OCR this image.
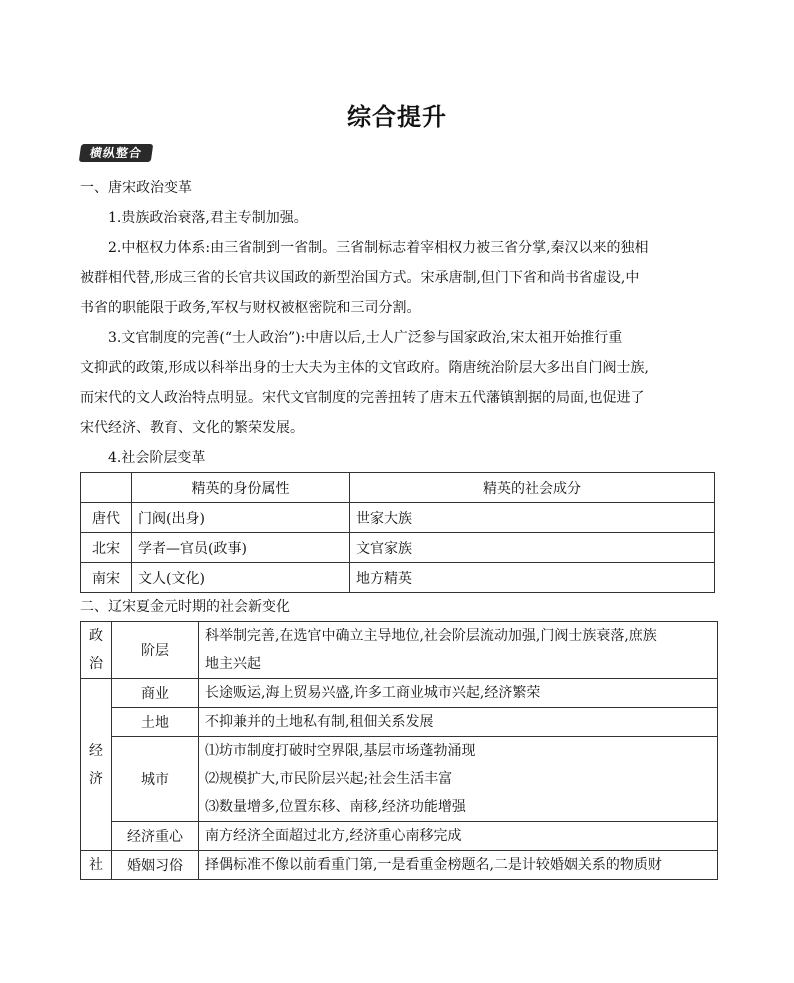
综合提升
横纵整合
一、唐宋政治变革
1.贵族政治衰落,君主专制加强。
2.中枢权力体系:由三省制到一省制。三省制标志着宰相权力被三省分掌,秦汉以来的独相
被群相代替,形成三省的长官共议国政的新型治国方式。宋承唐制,但门下省和尚书省虚设,中
书省的职能限于政务,军权与财权被枢密院和三司分割。
3.文官制度的完善(“士人政治”):中唐以后,士人广泛参与国家政治,宋太祖开始推行重
文抑武的政策,形成以科举出身的士大夫为主体的文官政府。隋唐统治阶层大多出自门阀士族,
而宋代的文人政治特点明显。宋代文官制度的完善扭转了唐末五代藩镇割据的局面,也促进了
宋代经济、教育、文化的繁荣发展。
4.社会阶层变革
	精英的身份属性	精英的社会成分
唐代	门阀(出身)	世家大族
北宋	学者—官员(政事)	文官家族
南宋	文人(文化)	地方精英
二、辽宋夏金元时期的社会新变化
政治	阶层	科举制完善,在选官中确立主导地位,社会阶层流动加强,门阀士族衰落,庶族
地主兴起

经济	商业	长途贩运,海上贸易兴盛,许多工商业城市兴起,经济繁荣
	土地	不抑兼并的土地私有制,租佃关系发展
	城市	⑴坊市制度打破时空界限,基层市场蓬勃涌现
		⑵规模扩大,市民阶层兴起;社会生活丰富
		⑶数量增多,位置东移、南移,经济功能增强
	经济重心	南方经济全面超过北方,经济重心南移完成
社	婚姻习俗	择偶标准不像以前看重门第,一是看重金榜题名,二是计较婚姻关系的物质财
